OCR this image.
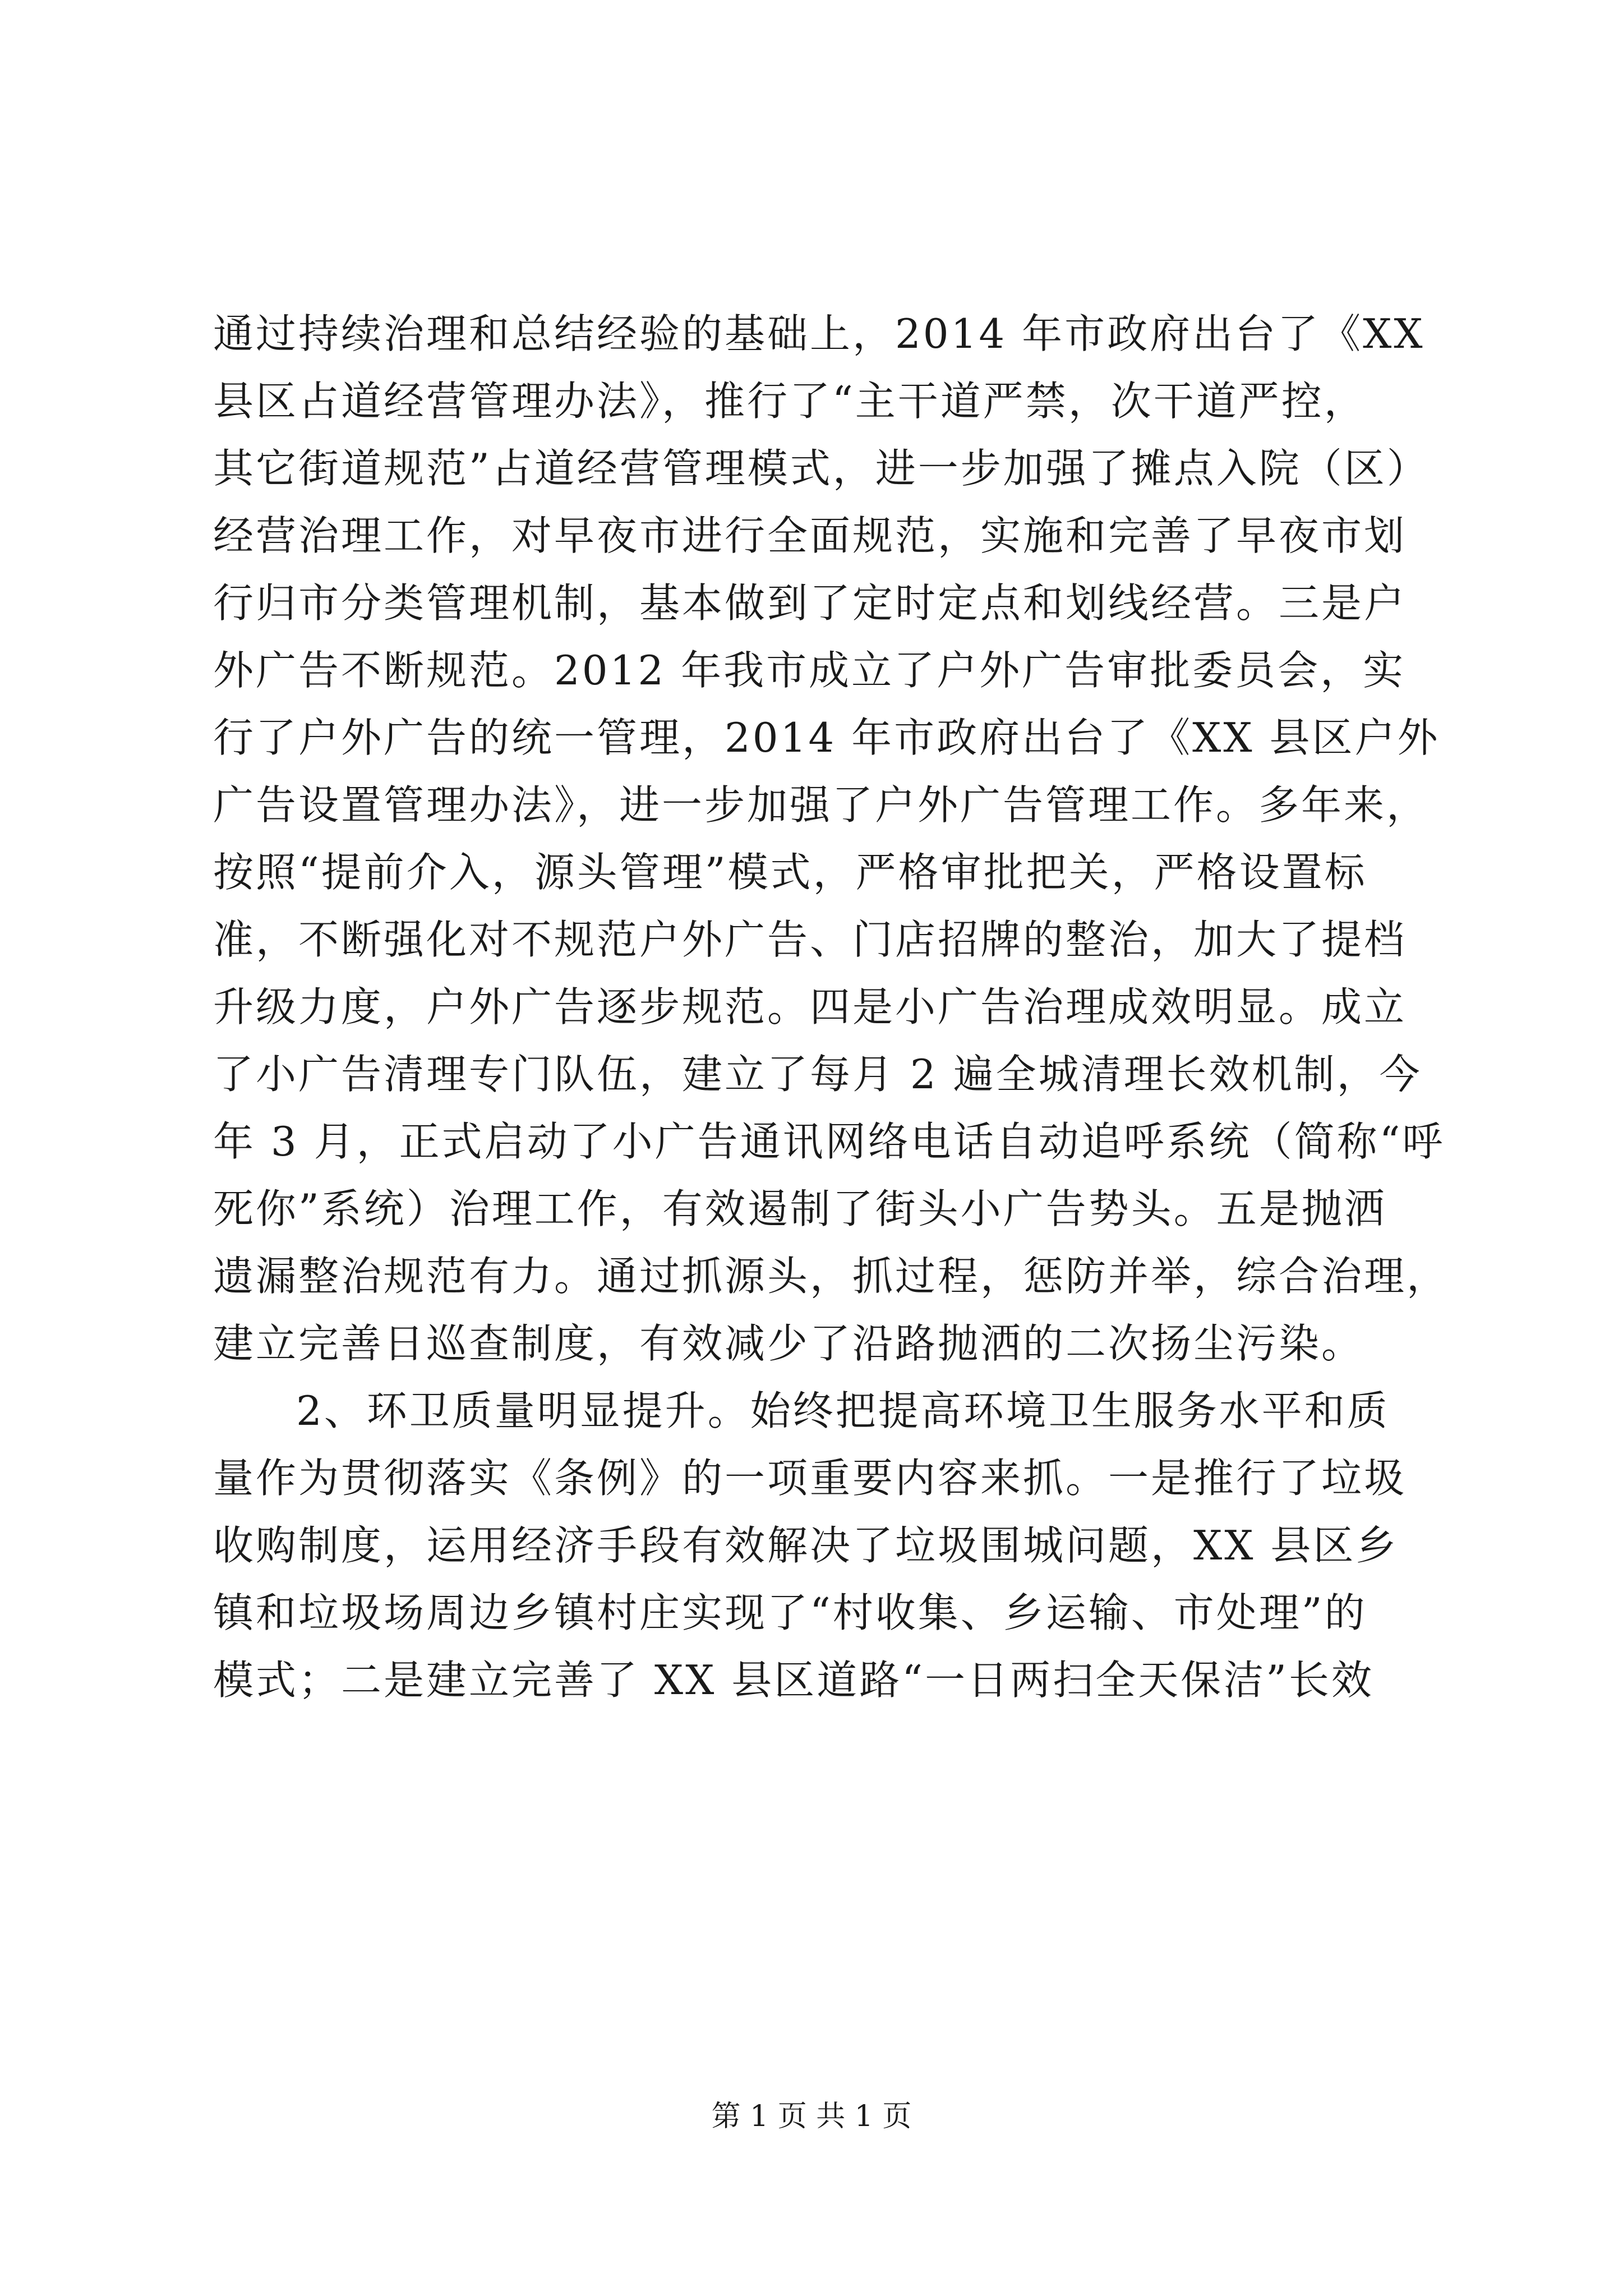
通过持续治理和总结经验的基础上，2014 年市政府出台了《XX
县区占道经营管理办法》，推行了“主干道严禁，次干道严控，
其它街道规范”占道经营管理模式，进一步加强了摊点入院（区）
经营治理工作，对早夜市进行全面规范，实施和完善了早夜市划
行归市分类管理机制，基本做到了定时定点和划线经营。三是户
外广告不断规范。2012 年我市成立了户外广告审批委员会，实
行了户外广告的统一管理，2014 年市政府出台了《XX 县区户外
广告设置管理办法》，进一步加强了户外广告管理工作。多年来，
按照“提前介入，源头管理”模式，严格审批把关，严格设置标
准，不断强化对不规范户外广告、门店招牌的整治，加大了提档
升级力度，户外广告逐步规范。四是小广告治理成效明显。成立
了小广告清理专门队伍，建立了每月 2 遍全城清理长效机制，今
年 3 月，正式启动了小广告通讯网络电话自动追呼系统（简称“呼
死你”系统）治理工作，有效遏制了街头小广告势头。五是抛洒
遗漏整治规范有力。通过抓源头，抓过程，惩防并举，综合治理，
建立完善日巡查制度，有效减少了沿路抛洒的二次扬尘污染。
2、环卫质量明显提升。始终把提高环境卫生服务水平和质
量作为贯彻落实《条例》的一项重要内容来抓。一是推行了垃圾
收购制度，运用经济手段有效解决了垃圾围城问题，XX 县区乡
镇和垃圾场周边乡镇村庄实现了“村收集、乡运输、市处理”的
模式；二是建立完善了 XX 县区道路“一日两扫全天保洁”长效
第 1 页 共 1 页
